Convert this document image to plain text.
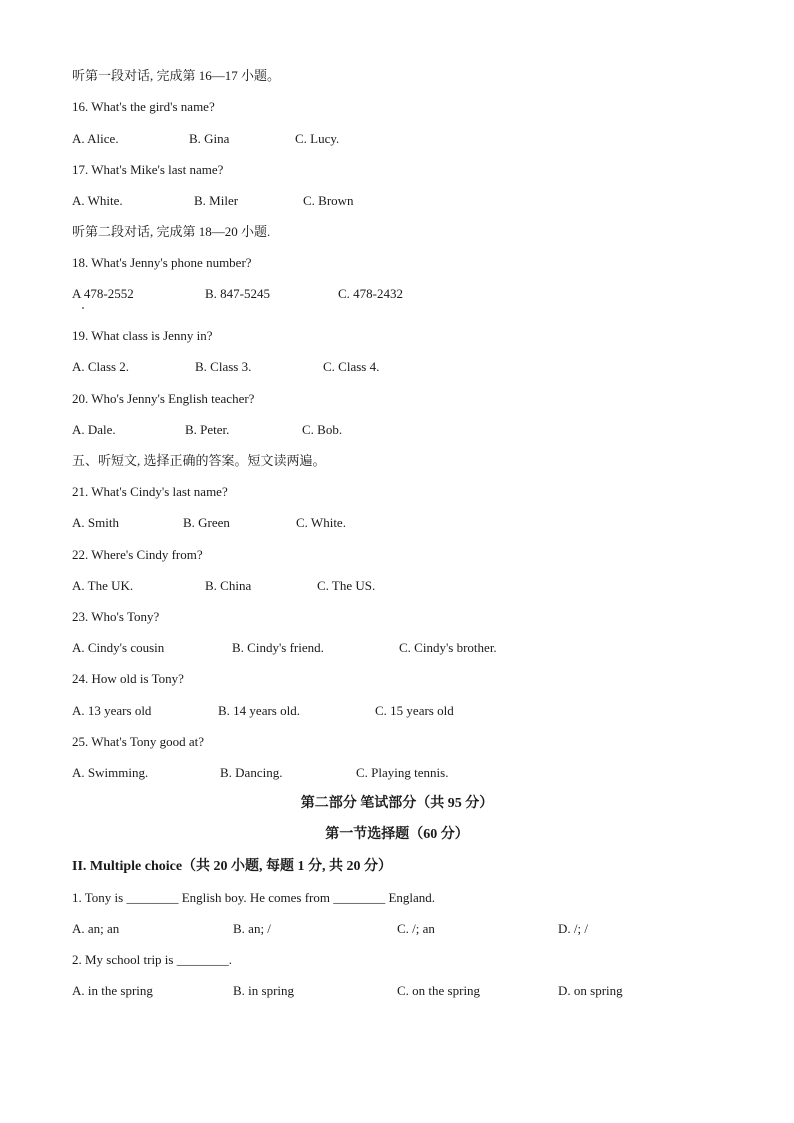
听第一段对话, 完成第 16—17 小题。
16. What's the gird's name?
A. Alice.	B. Gina	C. Lucy.
17. What's Mike's last name?
A. White.	B. Miler	C. Brown
听第二段对话, 完成第 18—20 小题.
18. What's Jenny's phone number?
A 478-2552	B. 847-5245	C. 478-2432
19. What class is Jenny in?
A. Class 2.	B. Class 3.	C. Class 4.
20. Who's Jenny's English teacher?
A. Dale.	B. Peter.	C. Bob.
五、听短文, 选择正确的答案。短文读两遍。
21. What's Cindy's last name?
A. Smith	B. Green	C. White.
22. Where's Cindy from?
A. The UK.	B. China	C. The US.
23. Who's Tony?
A. Cindy's cousin	B. Cindy's friend.	C. Cindy's brother.
24. How old is Tony?
A. 13 years old	B. 14 years old.	C. 15 years old
25. What's Tony good at?
A. Swimming.	B. Dancing.	C. Playing tennis.
第二部分 笔试部分（共 95 分）
第一节选择题（60 分）
II. Multiple choice（共 20 小题, 每题 1 分, 共 20 分）
1. Tony is ________ English boy. He comes from ________ England.
A. an; an	B. an; /	C. /; an	D. /; /
2. My school trip is ________.
A. in the spring	B. in spring	C. on the spring	D. on spring
